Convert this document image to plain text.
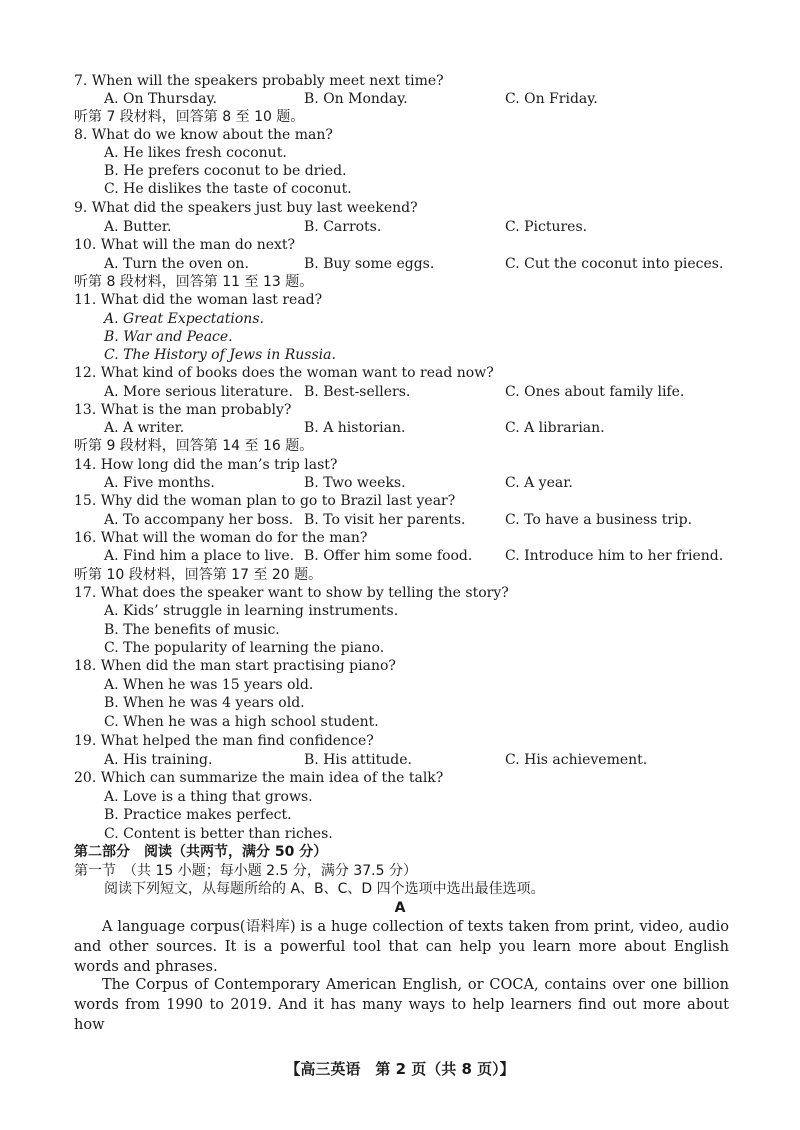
7. When will the speakers probably meet next time?
A. On Thursday.	B. On Monday.	C. On Friday.
听第 7 段材料，回答第 8 至 10 题。
8. What do we know about the man?
A. He likes fresh coconut.
B. He prefers coconut to be dried.
C. He dislikes the taste of coconut.
9. What did the speakers just buy last weekend?
A. Butter.	B. Carrots.	C. Pictures.
10. What will the man do next?
A. Turn the oven on.	B. Buy some eggs.	C. Cut the coconut into pieces.
听第 8 段材料，回答第 11 至 13 题。
11. What did the woman last read?
A. Great Expectations.
B. War and Peace.
C. The History of Jews in Russia.
12. What kind of books does the woman want to read now?
A. More serious literature. B. Best-sellers.	C. Ones about family life.
13. What is the man probably?
A. A writer.	B. A historian.	C. A librarian.
听第 9 段材料，回答第 14 至 16 题。
14. How long did the man’s trip last?
A. Five months.	B. Two weeks.	C. A year.
15. Why did the woman plan to go to Brazil last year?
A. To accompany her boss. B. To visit her parents.	C. To have a business trip.
16. What will the woman do for the man?
A. Find him a place to live. B. Offer him some food. C. Introduce him to her friend.
听第 10 段材料，回答第 17 至 20 题。
17. What does the speaker want to show by telling the story?
A. Kids’ struggle in learning instruments.
B. The benefits of music.
C. The popularity of learning the piano.
18. When did the man start practising piano?
A. When he was 15 years old.
B. When he was 4 years old.
C. When he was a high school student.
19. What helped the man find confidence?
A. His training.	B. His attitude.	C. His achievement.
20. Which can summarize the main idea of the talk?
A. Love is a thing that grows.
B. Practice makes perfect.
C. Content is better than riches.
第二部分　阅读（共两节，满分 50 分）
第一节　（共 15 小题；每小题 2.5 分，满分 37.5 分）
阅读下列短文，从每题所给的 A、B、C、D 四个选项中选出最佳选项。
A
A language corpus(语料库) is a huge collection of texts taken from print, video, audio and other sources. It is a powerful tool that can help you learn more about English words and phrases.
The Corpus of Contemporary American English, or COCA, contains over one billion words from 1990 to 2019. And it has many ways to help learners find out more about how
【高三英语　第 2 页（共 8 页）】
